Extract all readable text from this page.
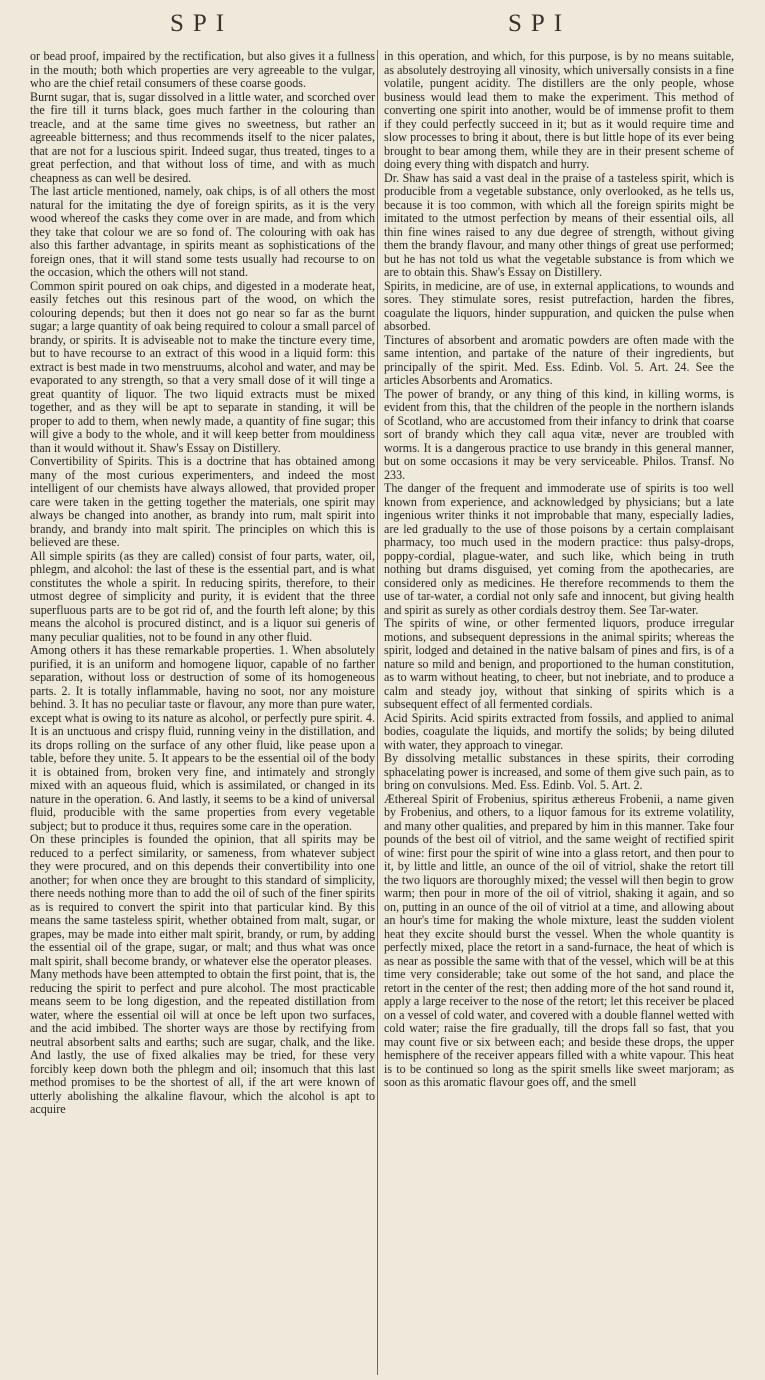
SPI	SPI

or bead proof, impaired by the rectification, but also gives it a fullness in the mouth; both which properties are very agreeable to the vulgar, who are the chief retail consumers of these coarse goods.

Burnt sugar, that is, sugar dissolved in a little water, and scorched over the fire till it turns black, goes much farther in the colouring than treacle, and at the same time gives no sweetness, but rather an agreeable bitterness; and thus recommends itself to the nicer palates, that are not for a luscious spirit. Indeed sugar, thus treated, tinges to a great perfection, and that without loss of time, and with as much cheapness as can well be desired.

The last article mentioned, namely, oak chips, is of all others the most natural for the imitating the dye of foreign spirits, as it is the very wood whereof the casks they come over in are made, and from which they take that colour we are so fond of. The colouring with oak has also this farther advantage, in spirits meant as sophistications of the foreign ones, that it will stand some tests usually had recourse to on the occasion, which the others will not stand.

Common spirit poured on oak chips, and digested in a moderate heat, easily fetches out this resinous part of the wood, on which the colouring depends; but then it does not go near so far as the burnt sugar; a large quantity of oak being required to colour a small parcel of brandy, or spirits. It is adviseable not to make the tincture every time, but to have recourse to an extract of this wood in a liquid form: this extract is best made in two menstruums, alcohol and water, and may be evaporated to any strength, so that a very small dose of it will tinge a great quantity of liquor. The two liquid extracts must be mixed together, and as they will be apt to separate in standing, it will be proper to add to them, when newly made, a quantity of fine sugar; this will give a body to the whole, and it will keep better from mouldiness than it would without it. Shaw's Essay on Distillery.

Convertibility of Spirits. This is a doctrine that has obtained among many of the most curious experimenters, and indeed the most intelligent of our chemists have always allowed, that provided proper care were taken in the getting together the materials, one spirit may always be changed into another, as brandy into rum, malt spirit into brandy, and brandy into malt spirit. The principles on which this is believed are these.

All simple spirits (as they are called) consist of four parts, water, oil, phlegm, and alcohol: the last of these is the essential part, and is what constitutes the whole a spirit. In reducing spirits, therefore, to their utmost degree of simplicity and purity, it is evident that the three superfluous parts are to be got rid of, and the fourth left alone; by this means the alcohol is procured distinct, and is a liquor sui generis of many peculiar qualities, not to be found in any other fluid.

Among others it has these remarkable properties. 1. When absolutely purified, it is an uniform and homogene liquor, capable of no farther separation, without loss or destruction of some of its homogeneous parts. 2. It is totally inflammable, having no soot, nor any moisture behind. 3. It has no peculiar taste or flavour, any more than pure water, except what is owing to its nature as alcohol, or perfectly pure spirit. 4. It is an unctuous and crispy fluid, running veiny in the distillation, and its drops rolling on the surface of any other fluid, like pease upon a table, before they unite. 5. It appears to be the essential oil of the body it is obtained from, broken very fine, and intimately and strongly mixed with an aqueous fluid, which is assimilated, or changed in its nature in the operation. 6. And lastly, it seems to be a kind of universal fluid, producible with the same properties from every vegetable subject; but to produce it thus, requires some care in the operation.

On these principles is founded the opinion, that all spirits may be reduced to a perfect similarity, or sameness, from whatever subject they were procured, and on this depends their convertibility into one another; for when once they are brought to this standard of simplicity, there needs nothing more than to add the oil of such of the finer spirits as is required to convert the spirit into that particular kind. By this means the same tasteless spirit, whether obtained from malt, sugar, or grapes, may be made into either malt spirit, brandy, or rum, by adding the essential oil of the grape, sugar, or malt; and thus what was once malt spirit, shall become brandy, or whatever else the operator pleases.

Many methods have been attempted to obtain the first point, that is, the reducing the spirit to perfect and pure alcohol. The most practicable means seem to be long digestion, and the repeated distillation from water, where the essential oil will at once be left upon two surfaces, and the acid imbibed. The shorter ways are those by rectifying from neutral absorbent salts and earths; such are sugar, chalk, and the like. And lastly, the use of fixed alkalies may be tried, for these very forcibly keep down both the phlegm and oil; insomuch that this last method promises to be the shortest of all, if the art were known of utterly abolishing the alkaline flavour, which the alcohol is apt to acquire

in this operation, and which, for this purpose, is by no means suitable, as absolutely destroying all vinosity, which universally consists in a fine volatile, pungent acidity. The distillers are the only people, whose business would lead them to make the experiment. This method of converting one spirit into another, would be of immense profit to them if they could perfectly succeed in it; but as it would require time and slow processes to bring it about, there is but little hope of its ever being brought to bear among them, while they are in their present scheme of doing every thing with dispatch and hurry.

Dr. Shaw has said a vast deal in the praise of a tasteless spirit, which is producible from a vegetable substance, only overlooked, as he tells us, because it is too common, with which all the foreign spirits might be imitated to the utmost perfection by means of their essential oils, all thin fine wines raised to any due degree of strength, without giving them the brandy flavour, and many other things of great use performed; but he has not told us what the vegetable substance is from which we are to obtain this. Shaw's Essay on Distillery.

Spirits, in medicine, are of use, in external applications, to wounds and sores. They stimulate sores, resist putrefaction, harden the fibres, coagulate the liquors, hinder suppuration, and quicken the pulse when absorbed.

Tinctures of absorbent and aromatic powders are often made with the same intention, and partake of the nature of their ingredients, but principally of the spirit. Med. Ess. Edinb. Vol. 5. Art. 24. See the articles Absorbents and Aromatics.

The power of brandy, or any thing of this kind, in killing worms, is evident from this, that the children of the people in the northern islands of Scotland, who are accustomed from their infancy to drink that coarse sort of brandy which they call aqua vitæ, never are troubled with worms. It is a dangerous practice to use brandy in this general manner, but on some occasions it may be very serviceable. Philos. Transf. No 233.

The danger of the frequent and immoderate use of spirits is too well known from experience, and acknowledged by physicians; but a late ingenious writer thinks it not improbable that many, especially ladies, are led gradually to the use of those poisons by a certain complaisant pharmacy, too much used in the modern practice: thus palsy-drops, poppy-cordial, plague-water, and such like, which being in truth nothing but drams disguised, yet coming from the apothecaries, are considered only as medicines. He therefore recommends to them the use of tar-water, a cordial not only safe and innocent, but giving health and spirit as surely as other cordials destroy them. See Tar-water.

The spirits of wine, or other fermented liquors, produce irregular motions, and subsequent depressions in the animal spirits; whereas the spirit, lodged and detained in the native balsam of pines and firs, is of a nature so mild and benign, and proportioned to the human constitution, as to warm without heating, to cheer, but not inebriate, and to produce a calm and steady joy, without that sinking of spirits which is a subsequent effect of all fermented cordials.

Acid Spirits. Acid spirits extracted from fossils, and applied to animal bodies, coagulate the liquids, and mortify the solids; by being diluted with water, they approach to vinegar.

By dissolving metallic substances in these spirits, their corroding sphacelating power is increased, and some of them give such pain, as to bring on convulsions. Med. Ess. Edinb. Vol. 5. Art. 2.

Æthereal Spirit of Frobenius, spiritus æthereus Frobenii, a name given by Frobenius, and others, to a liquor famous for its extreme volatility, and many other qualities, and prepared by him in this manner. Take four pounds of the best oil of vitriol, and the same weight of rectified spirit of wine: first pour the spirit of wine into a glass retort, and then pour to it, by little and little, an ounce of the oil of vitriol, shake the retort till the two liquors are thoroughly mixed; the vessel will then begin to grow warm; then pour in more of the oil of vitriol, shaking it again, and so on, putting in an ounce of the oil of vitriol at a time, and allowing about an hour's time for making the whole mixture, least the sudden violent heat they excite should burst the vessel. When the whole quantity is perfectly mixed, place the retort in a sand-furnace, the heat of which is as near as possible the same with that of the vessel, which will be at this time very considerable; take out some of the hot sand, and place the retort in the center of the rest; then adding more of the hot sand round it, apply a large receiver to the nose of the retort; let this receiver be placed on a vessel of cold water, and covered with a double flannel wetted with cold water; raise the fire gradually, till the drops fall so fast, that you may count five or six between each; and beside these drops, the upper hemisphere of the receiver appears filled with a white vapour. This heat is to be continued so long as the spirit smells like sweet marjoram; as soon as this aromatic flavour goes off, and the smell
